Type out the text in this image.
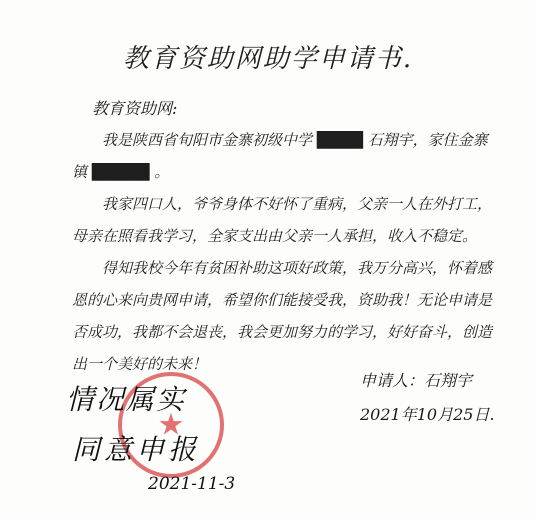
教育资助网助学申请书.
教育资助网:

我是陕西省旬阳市金寨初级中学 ████ 石翔宇，家住金寨镇 █████ 。

我家四口人，爷爷身体不好怀了重病，父亲一人在外打工，母亲在照看我学习，全家支出由父亲一人承担，收入不稳定。

得知我校今年有贫困补助这项好政策，我万分高兴，怀着感恩的心来向贵网申请，希望你们能接受我，资助我！无论申请是否成功，我都不会退丧，我会更加努力的学习，好好奋斗，创造出一个美好的未来！

申请人：石翔宇
2021年10月25日.
★
情况属实
同意申报
2021-11-3
